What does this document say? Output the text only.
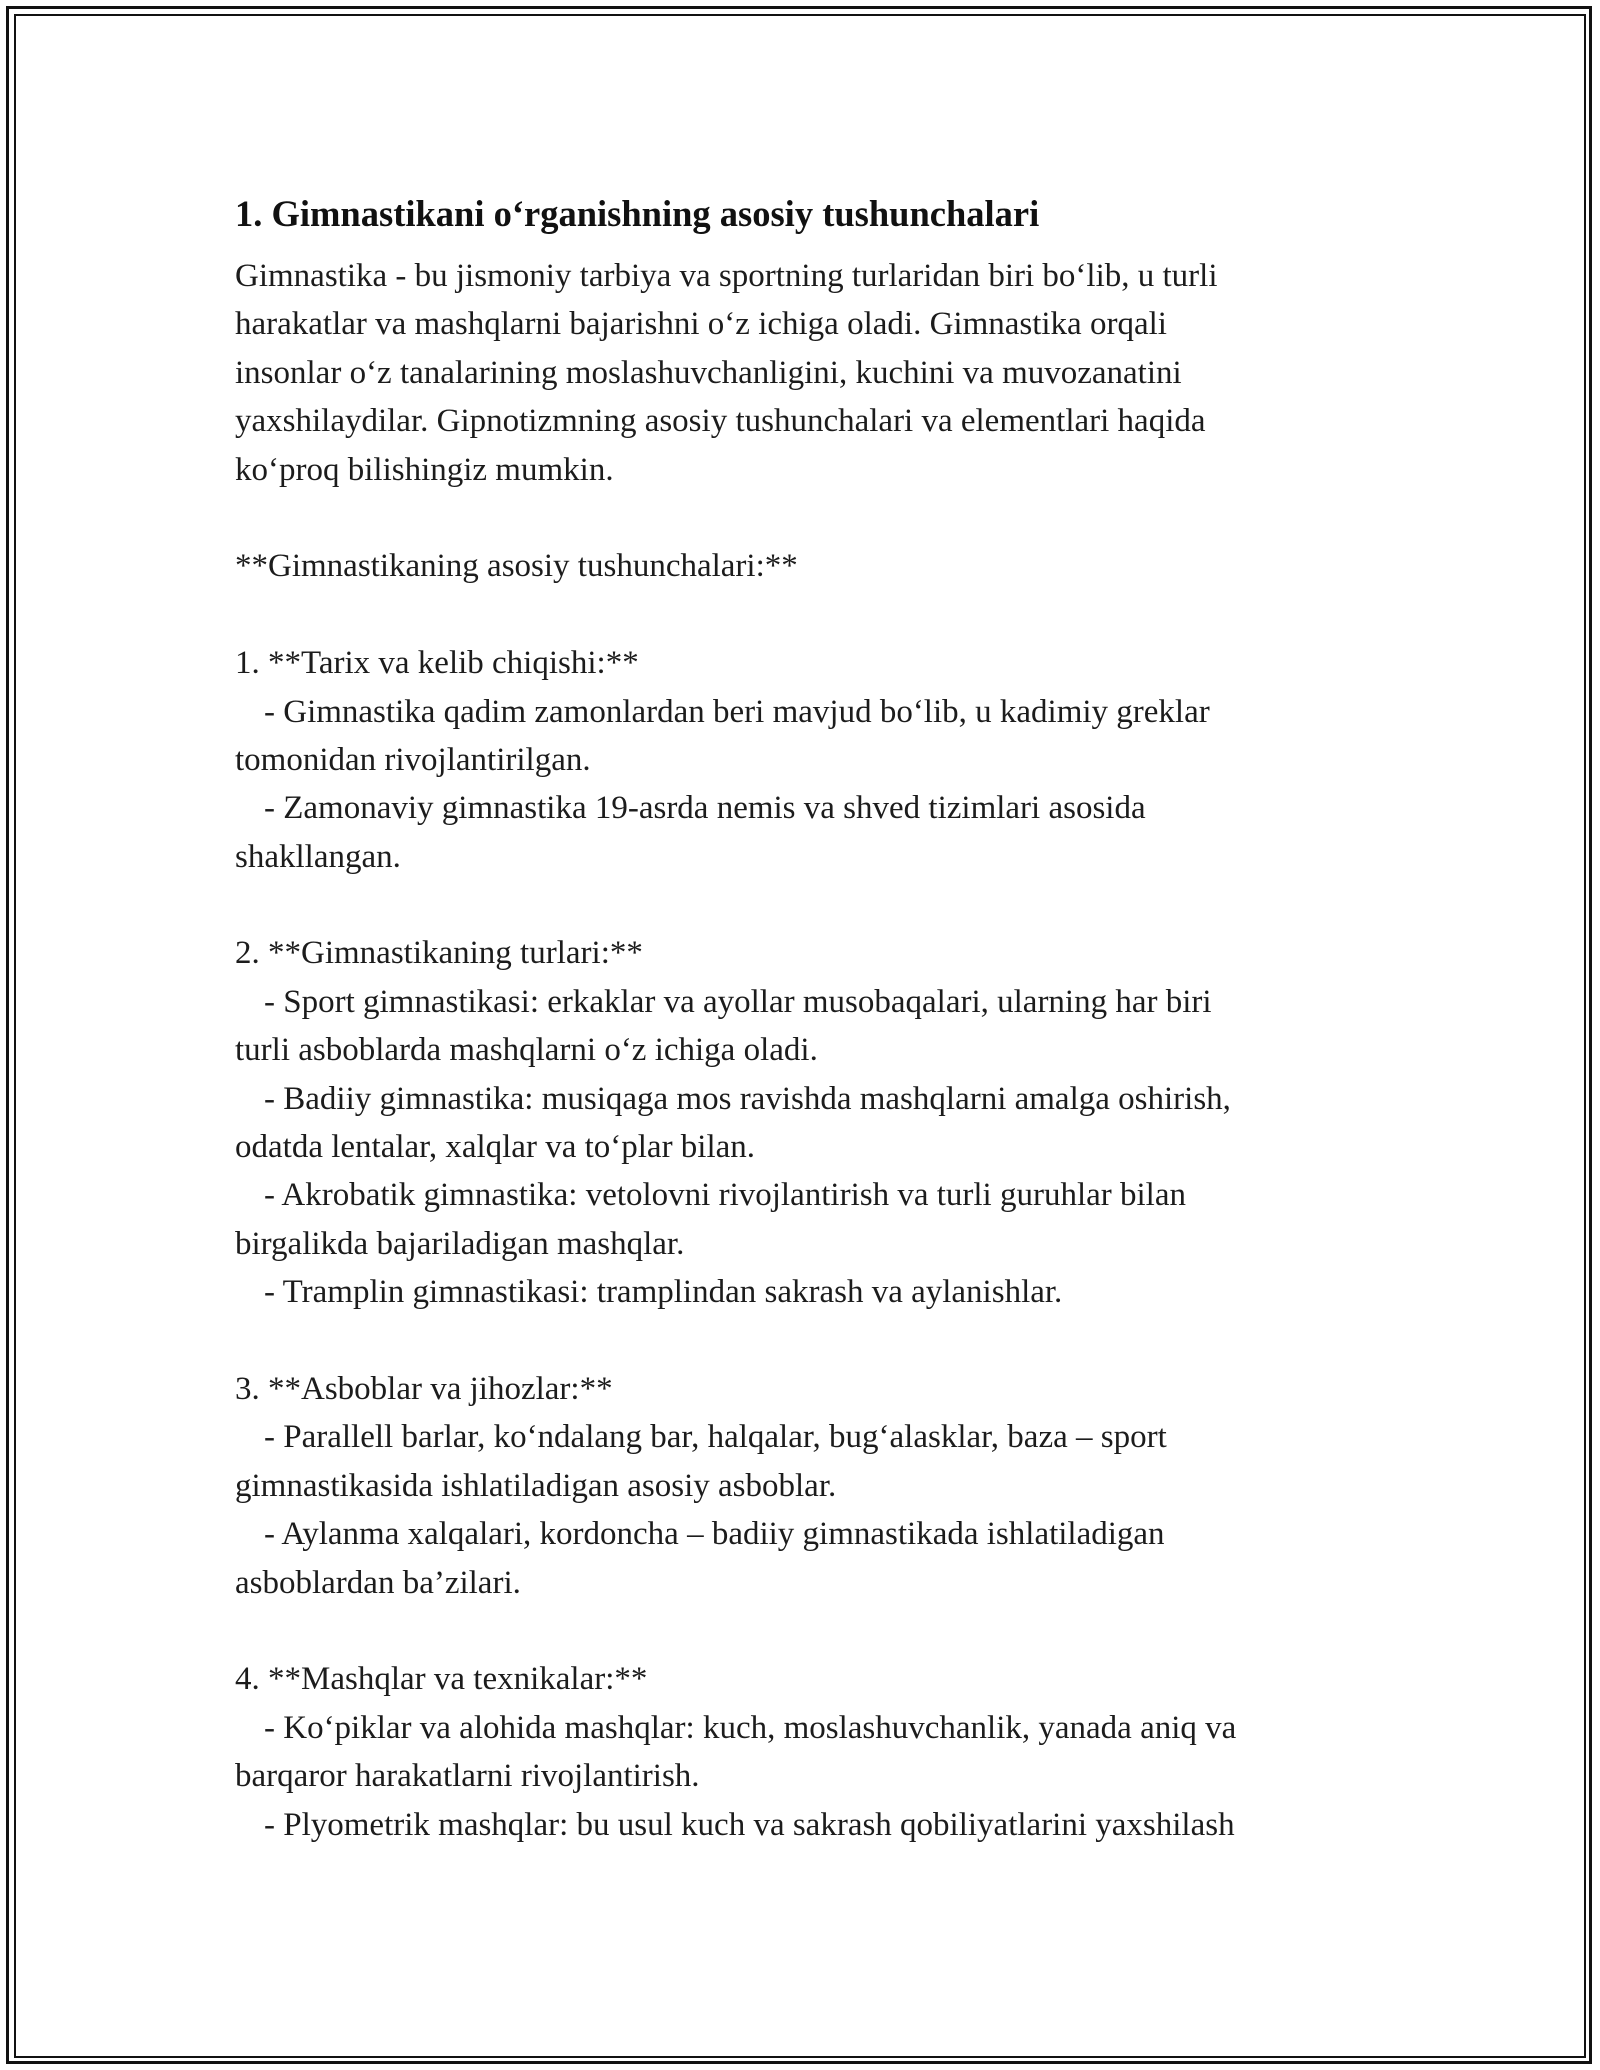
1. Gimnastikani o‘rganishning asosiy tushunchalari
Gimnastika - bu jismoniy tarbiya va sportning turlaridan biri bo‘lib, u turli
harakatlar va mashqlarni bajarishni o‘z ichiga oladi. Gimnastika orqali
insonlar o‘z tanalarining moslashuvchanligini, kuchini va muvozanatini
yaxshilaydilar. Gipnotizmning asosiy tushunchalari va elementlari haqida
ko‘proq bilishingiz mumkin.
**Gimnastikaning asosiy tushunchalari:**
1. **Tarix va kelib chiqishi:**
- Gimnastika qadim zamonlardan beri mavjud bo‘lib, u kadimiy greklar
tomonidan rivojlantirilgan.
- Zamonaviy gimnastika 19-asrda nemis va shved tizimlari asosida
shakllangan.
2. **Gimnastikaning turlari:**
- Sport gimnastikasi: erkaklar va ayollar musobaqalari, ularning har biri
turli asboblarda mashqlarni o‘z ichiga oladi.
- Badiiy gimnastika: musiqaga mos ravishda mashqlarni amalga oshirish,
odatda lentalar, xalqlar va to‘plar bilan.
- Akrobatik gimnastika: vetolovni rivojlantirish va turli guruhlar bilan
birgalikda bajariladigan mashqlar.
- Tramplin gimnastikasi: tramplindan sakrash va aylanishlar.
3. **Asboblar va jihozlar:**
- Parallell barlar, ko‘ndalang bar, halqalar, bug‘alasklar, baza – sport
gimnastikasida ishlatiladigan asosiy asboblar.
- Aylanma xalqalari, kordoncha – badiiy gimnastikada ishlatiladigan
asboblardan ba’zilari.
4. **Mashqlar va texnikalar:**
- Ko‘piklar va alohida mashqlar: kuch, moslashuvchanlik, yanada aniq va
barqaror harakatlarni rivojlantirish.
- Plyometrik mashqlar: bu usul kuch va sakrash qobiliyatlarini yaxshilash
